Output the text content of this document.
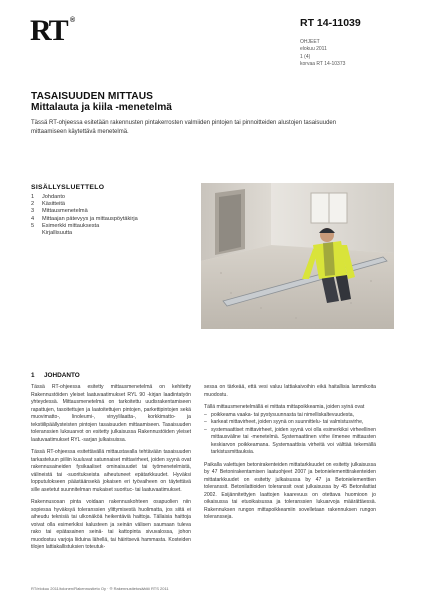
RT ®	RT 14-11039
OHJEET
elokuu 2011
1 (4)
korvaa RT 14-10373
TASAISUUDEN MITTAUS
Mittalauta ja kiila -menetelmä
Tässä RT-ohjeessa esitetään rakennusten pintakerrosten valmiiden pintojen tai pinnoitteiden alustojen tasaisuuden mittaamiseen käytettävä menetelmä.
SISÄLLYSLUETTELO
1	Johdanto
2	Käsitteitä
3	Mittausmenetelmä
4	Mittaajan pätevyys ja mittauspöytäkirja
5	Esimerkki mittauksesta
Kirjallisuutta
1 JOHDANTO

Tässä RT-ohjeessa esitetty mittausmenetelmä on kehitetty Rakennustöiden yleiset laatuvaatimukset RYL 90 -kirjan laadintatyön yhteydessä. Mittausmenetelmä on tarkoitettu uudisrakentamiseen rapattujen, tasoitettujen ja laatoitettujen pintojen, parkettipintojen sekä muovimatto-, linoleumi-, vinyylilaatta-, korkkimatto- ja tekstiilipäällysteisten pintojen tasaisuuden mittaamiseen. Tasaisuuden toleranssien luksuarvot on esitetty julkaisussa Rakennustöiden yleiset laatuvaatimukset RYL -sarjan julkaisuissa.

Tässä RT-ohjeessa esitettävällä mittaustavalla tehtävään tasaisuuden tarkasteluun piiliin kuuluvat satunnaiset mittavirheet, joiden syynä ovat rakennusaineiden fysikaaliset ominaisuudet tai työmenetelmistä, välineistä tai -suoritukseista aiheutuneet epätarkkuudet. Hyväksi lopputulokseen päästäänsekä jokaisen eri työvaiheen on täytettävä sille asetetut suunnitelman mukaiset suorituс- tai laatuvaatimukset.

Rakennusosan pinta voidaan rakennuskohteen osapuolien niin sopiessa hyväksyä toleranssien ylittymisestä huolimatta, jos siitä ei aiheudu teknisiä tai ulkonäköä heikentäviä haittoja. Tällaisia haittoja voivat olla esimerkiksi kalusteen ja seinän välisen saumaan tuleva rako tai epätasainen seinä- tai kattopinta sivuvalossa, johon muodostuu varjoja liiduina lähellä, tai häiritsevä hammasta. Kosteiden tilojen lattiakallistuksien toteutuk-

sessa on tärkeää, että vesi valuu lattiakaivoihin eikä haitallisia lammikoita muodostu.

Tällä mittausmenetelmällä ei mittata mittapoikkeamia, joiden syinä ovat

– poikkeama vaaka- tai pystysuunnasta tai nimelliskaltevuudesta,
– karkeat mittavirheet, joiden syynä on suunnittelu- tai valmistusvirhe,
– systemaattiset mittavirheet, joiden syynä voi olla esimerkiksi virheellinen mittausväline tai -menetelmä. Systemaattinen virhe ilmenee mittausten keskiarvon poikkeamana. Systemaattisia virheitä voi välttää tekemällä tarkistusmittauksia.

Paikalla valettujen betonirakenteiden mittatarkkuudet on esitetty julkaisussa by 47 Betonirakentamisen laatuohjeet 2007 ja betonielementtirakenteiden mittatarkkuudet on esitetty julkaisussa by 47 ja Betonielementtien toleranssit. Betonilattioiden toleranssit ovat julkaisussa by 45 Betonilattiat 2002. Esijännitettyjen laattojen kaarevuus on otettava huomioon jo oikaisussa tai etuoikaisussa ja toleranssien lukuarvoja määrättäessä. Rakennuksen rungon mittapoikkeamiin sovelletaan rakennuksen rungon toleransseja.

RT/elokuu 2011/tolonen/Rakennustieto Oy · ® Rakennustietosäätiö RTS 2011
